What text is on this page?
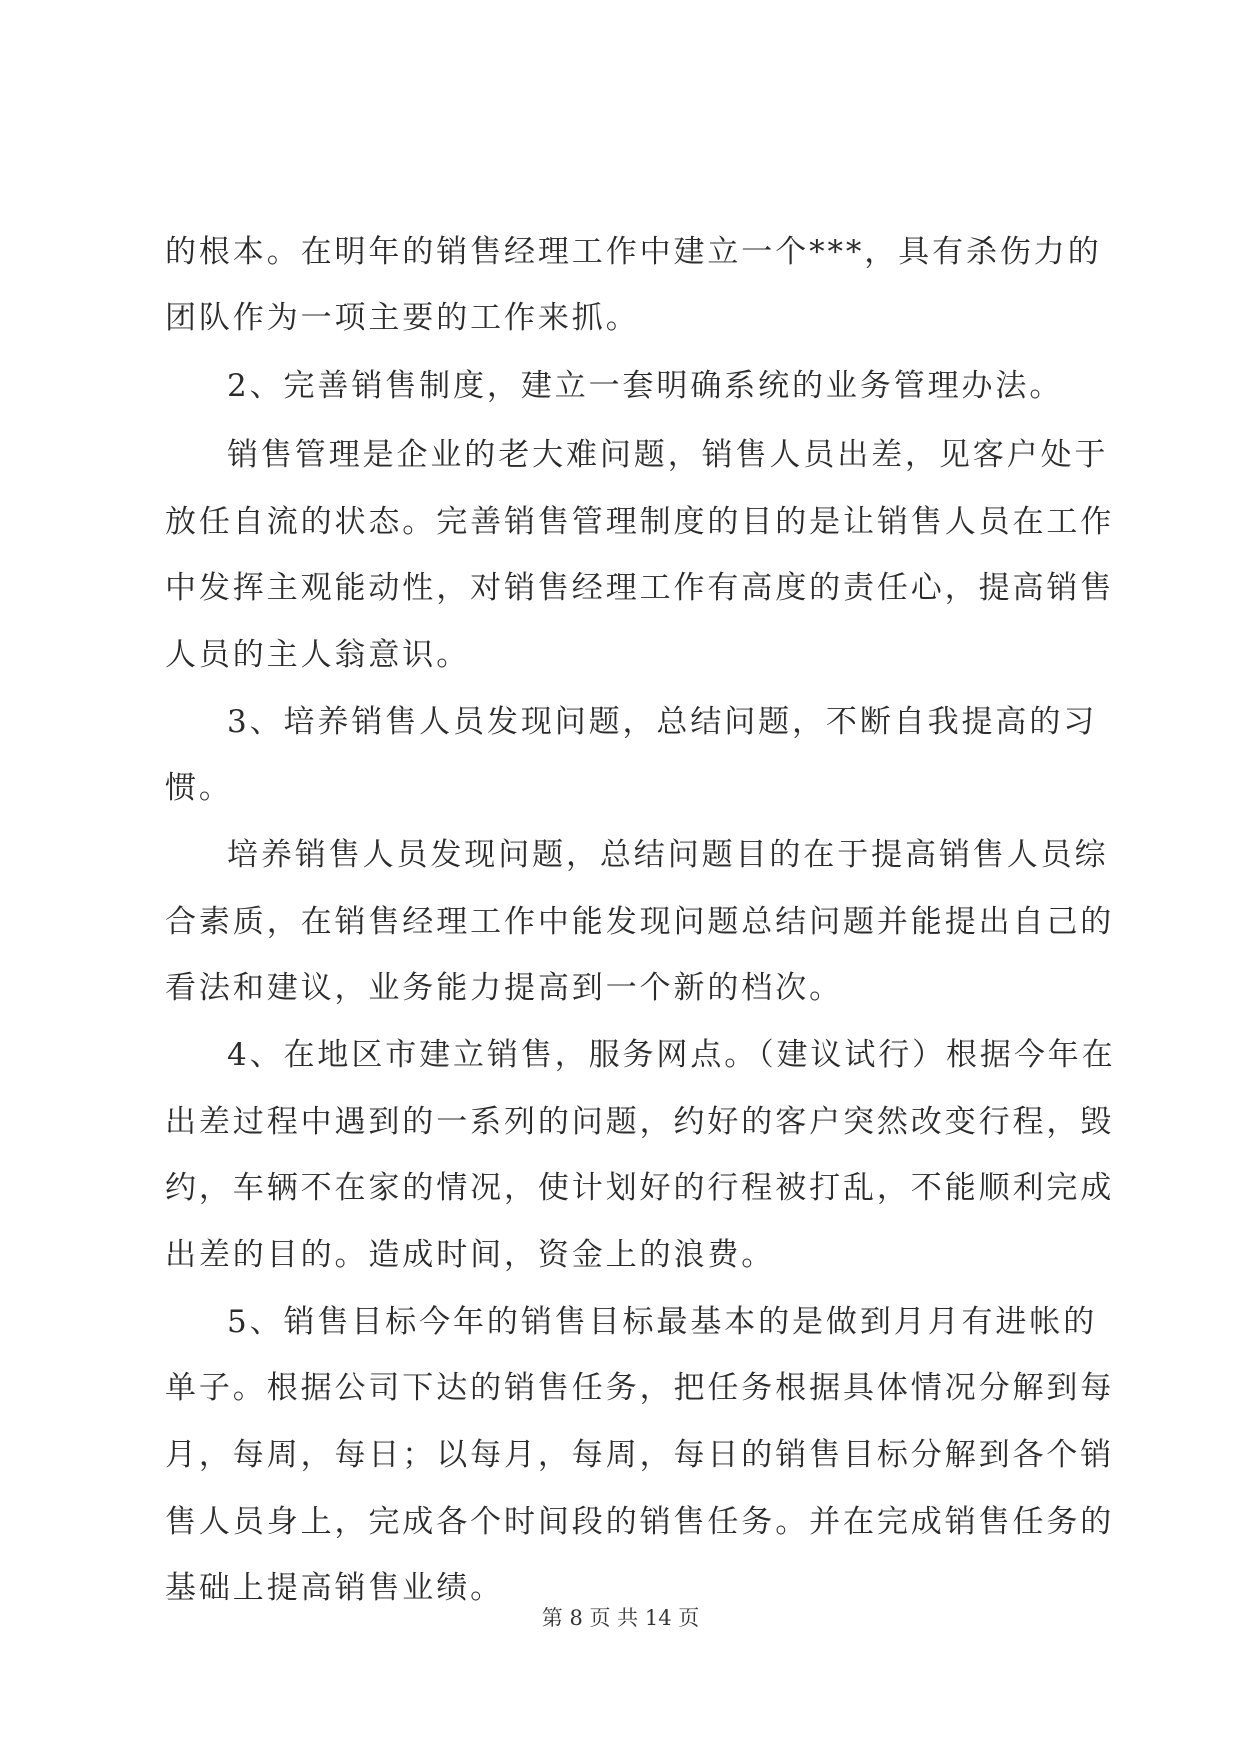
的根本。在明年的销售经理工作中建立一个***，具有杀伤力的
团队作为一项主要的工作来抓。
2、完善销售制度，建立一套明确系统的业务管理办法。
销售管理是企业的老大难问题，销售人员出差，见客户处于
放任自流的状态。完善销售管理制度的目的是让销售人员在工作
中发挥主观能动性，对销售经理工作有高度的责任心，提高销售
人员的主人翁意识。
3、培养销售人员发现问题，总结问题，不断自我提高的习
惯。
培养销售人员发现问题，总结问题目的在于提高销售人员综
合素质，在销售经理工作中能发现问题总结问题并能提出自己的
看法和建议，业务能力提高到一个新的档次。
4、在地区市建立销售，服务网点。（建议试行）根据今年在
出差过程中遇到的一系列的问题，约好的客户突然改变行程，毁
约，车辆不在家的情况，使计划好的行程被打乱，不能顺利完成
出差的目的。造成时间，资金上的浪费。
5、销售目标今年的销售目标最基本的是做到月月有进帐的
单子。根据公司下达的销售任务，把任务根据具体情况分解到每
月，每周，每日；以每月，每周，每日的销售目标分解到各个销
售人员身上，完成各个时间段的销售任务。并在完成销售任务的
基础上提高销售业绩。
第 8 页 共 14 页
